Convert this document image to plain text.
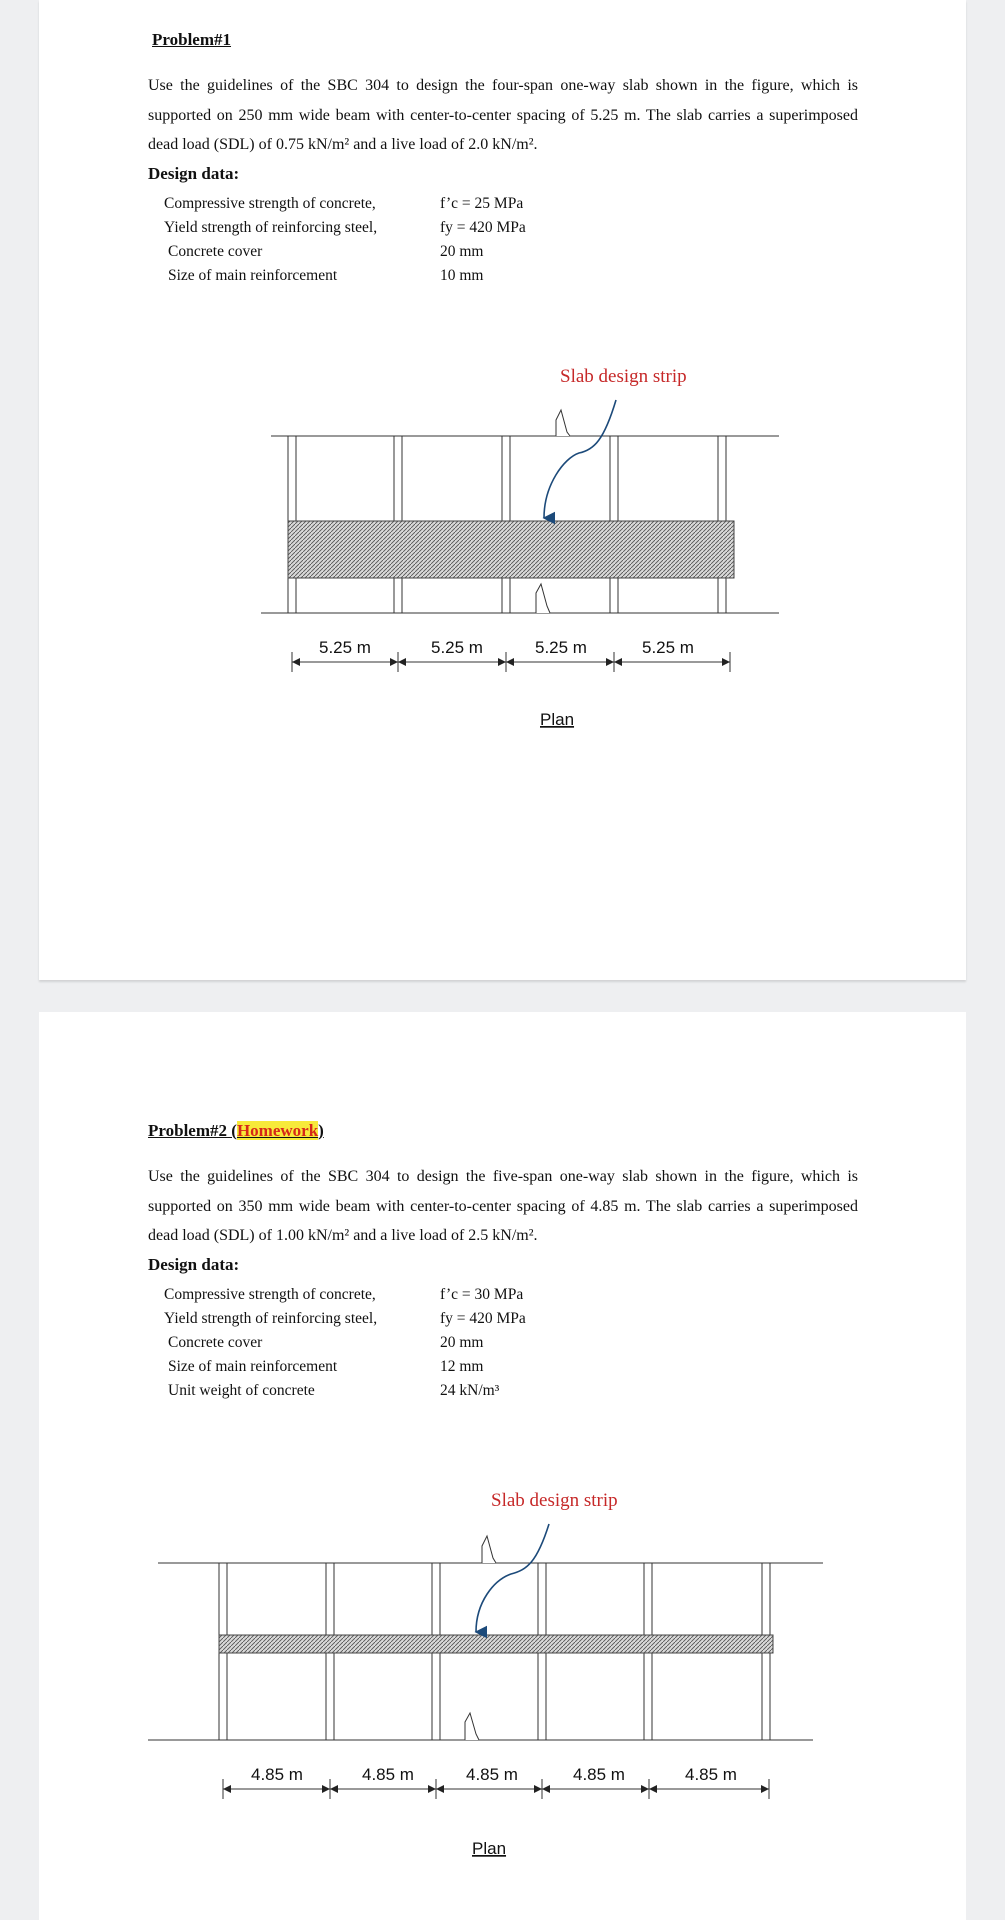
Problem#1
Use the guidelines of the SBC 304 to design the four-span one-way slab shown in the figure, which is supported on 250 mm wide beam with center-to-center spacing of 5.25 m. The slab carries a superimposed dead load (SDL) of 0.75 kN/m² and a live load of 2.0 kN/m².
Design data:
Compressive strength of concrete,	f’c = 25 MPa
Yield strength of reinforcing steel,	fy = 420 MPa
Concrete cover	20 mm
Size of main reinforcement	10 mm
Slab design strip
5.25 m	5.25 m	5.25 m	5.25 m
Plan
Problem#2 (Homework)
Use the guidelines of the SBC 304 to design the five-span one-way slab shown in the figure, which is supported on 350 mm wide beam with center-to-center spacing of 4.85 m. The slab carries a superimposed dead load (SDL) of 1.00 kN/m² and a live load of 2.5 kN/m².
Design data:
Compressive strength of concrete,	f’c = 30 MPa
Yield strength of reinforcing steel,	fy = 420 MPa
Concrete cover	20 mm
Size of main reinforcement	12 mm
Unit weight of concrete	24 kN/m³
Slab design strip
4.85 m	4.85 m	4.85 m	4.85 m	4.85 m
Plan
